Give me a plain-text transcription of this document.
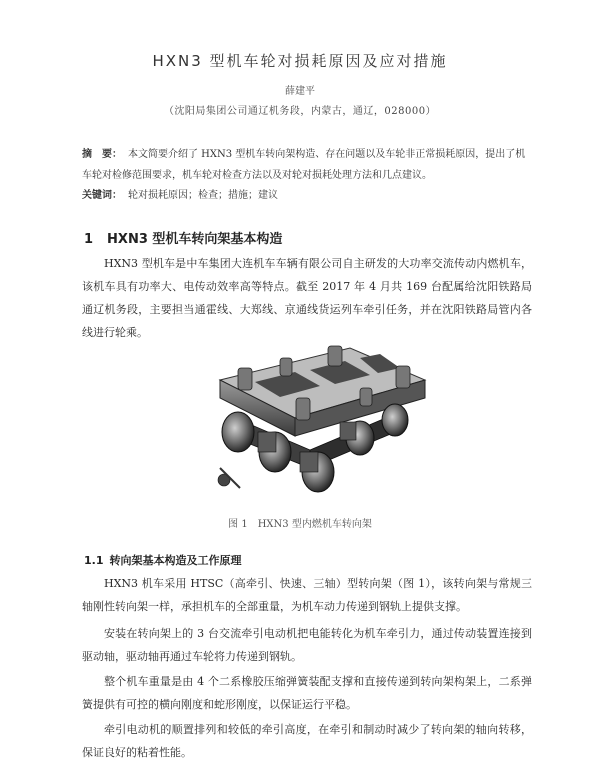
HXN3 型机车轮对损耗原因及应对措施
薛建平
（沈阳局集团公司通辽机务段，内蒙古，通辽，028000）
摘　要： 本文简要介绍了 HXN3 型机车转向架构造、存在问题以及车轮非正常损耗原因，提出了机车轮对检修范围要求，机车轮对检查方法以及对轮对损耗处理方法和几点建议。
关键词： 轮对损耗原因；检查；措施；建议
1 HXN3 型机车转向架基本构造
HXN3 型机车是中车集团大连机车车辆有限公司自主研发的大功率交流传动内燃机车，该机车具有功率大、电传动效率高等特点。截至 2017 年 4 月共 169 台配属给沈阳铁路局通辽机务段，主要担当通霍线、大郑线、京通线货运列车牵引任务，并在沈阳铁路局管内各线进行轮乘。
图 1　HXN3 型内燃机车转向架
1.1 转向架基本构造及工作原理
HXN3 机车采用 HTSC（高牵引、快速、三轴）型转向架（图 1），该转向架与常规三轴刚性转向架一样，承担机车的全部重量，为机车动力传递到钢轨上提供支撑。
安装在转向架上的 3 台交流牵引电动机把电能转化为机车牵引力，通过传动装置连接到驱动轴，驱动轴再通过车轮将力传递到钢轨。
整个机车重量是由 4 个二系橡胶压缩弹簧装配支撑和直接传递到转向架构架上，二系弹簧提供有可控的横向刚度和蛇形刚度，以保证运行平稳。
牵引电动机的顺置排列和较低的牵引高度，在牵引和制动时减少了转向架的轴向转移，保证良好的粘着性能。
